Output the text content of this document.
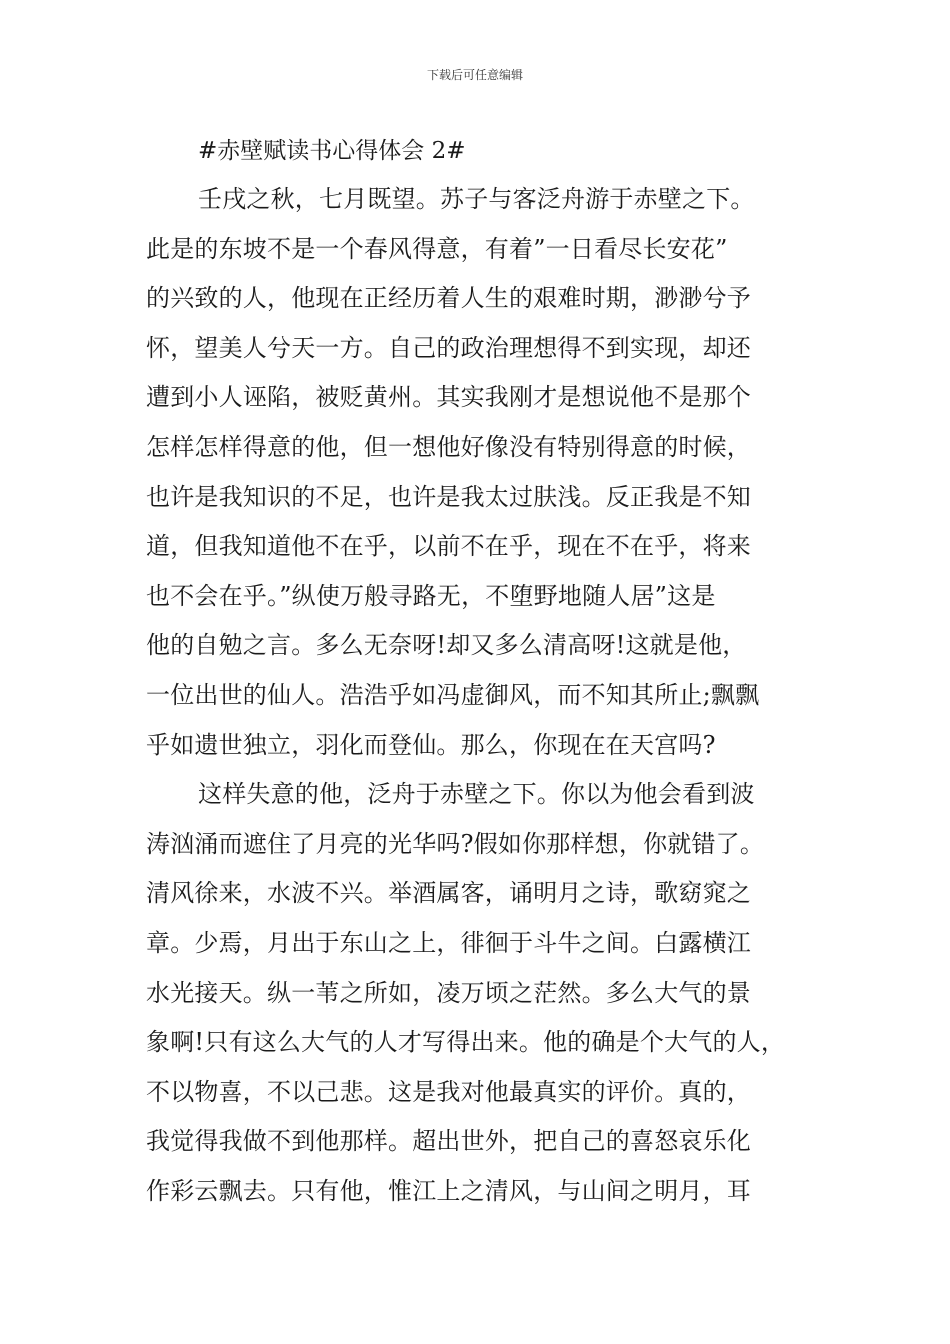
下载后可任意编辑
#赤壁赋读书心得体会 2#
壬戌之秋，七月既望。苏子与客泛舟游于赤壁之下。
此是的东坡不是一个春风得意，有着”一日看尽长安花”
的兴致的人，他现在正经历着人生的艰难时期，渺渺兮予
怀，望美人兮天一方。自己的政治理想得不到实现，却还
遭到小人诬陷，被贬黄州。其实我刚才是想说他不是那个
怎样怎样得意的他，但一想他好像没有特别得意的时候，
也许是我知识的不足，也许是我太过肤浅。反正我是不知
道，但我知道他不在乎，以前不在乎，现在不在乎，将来
也不会在乎。”纵使万般寻路无，不堕野地随人居”这是
他的自勉之言。多么无奈呀!却又多么清高呀!这就是他，
一位出世的仙人。浩浩乎如冯虚御风，而不知其所止;飘飘
乎如遗世独立，羽化而登仙。那么，你现在在天宫吗?
这样失意的他，泛舟于赤壁之下。你以为他会看到波
涛汹涌而遮住了月亮的光华吗?假如你那样想，你就错了。
清风徐来，水波不兴。举酒属客，诵明月之诗，歌窈窕之
章。少焉，月出于东山之上，徘徊于斗牛之间。白露横江
水光接天。纵一苇之所如，凌万顷之茫然。多么大气的景
象啊!只有这么大气的人才写得出来。他的确是个大气的人，
不以物喜，不以己悲。这是我对他最真实的评价。真的，
我觉得我做不到他那样。超出世外，把自己的喜怒哀乐化
作彩云飘去。只有他，惟江上之清风，与山间之明月，耳
